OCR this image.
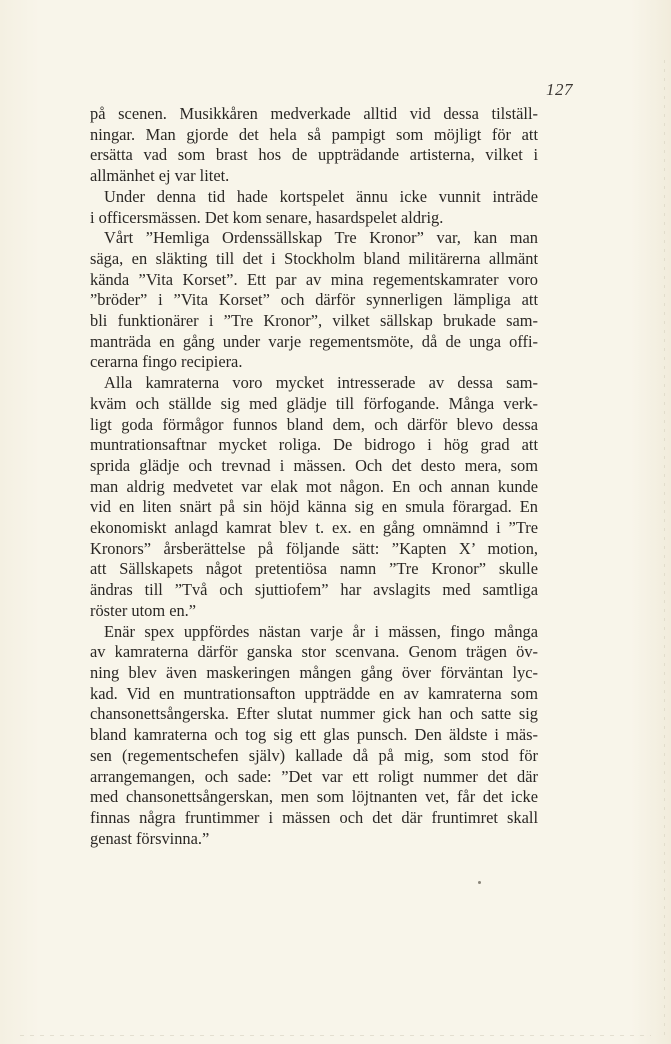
127
på scenen. Musikkåren medverkade alltid vid dessa tilställ-
ningar. Man gjorde det hela så pampigt som möjligt för att
ersätta vad som brast hos de uppträdande artisterna, vilket i
allmänhet ej var litet.
Under denna tid hade kortspelet ännu icke vunnit inträde
i officersmässen. Det kom senare, hasardspelet aldrig.
Vårt ”Hemliga Ordenssällskap Tre Kronor” var, kan man
säga, en släkting till det i Stockholm bland militärerna allmänt
kända ”Vita Korset”. Ett par av mina regementskamrater voro
”bröder” i ”Vita Korset” och därför synnerligen lämpliga att
bli funktionärer i ”Tre Kronor”, vilket sällskap brukade sam-
manträda en gång under varje regementsmöte, då de unga offi-
cerarna fingo recipiera.
Alla kamraterna voro mycket intresserade av dessa sam-
kväm och ställde sig med glädje till förfogande. Många verk-
ligt goda förmågor funnos bland dem, och därför blevo dessa
muntrationsaftnar mycket roliga. De bidrogo i hög grad att
sprida glädje och trevnad i mässen. Och det desto mera, som
man aldrig medvetet var elak mot någon. En och annan kunde
vid en liten snärt på sin höjd känna sig en smula förargad. En
ekonomiskt anlagd kamrat blev t. ex. en gång omnämnd i ”Tre
Kronors” årsberättelse på följande sätt: ”Kapten X’ motion,
att Sällskapets något pretentiösa namn ”Tre Kronor” skulle
ändras till ”Två och sjuttiofem” har avslagits med samtliga
röster utom en.”
Enär spex uppfördes nästan varje år i mässen, fingo många
av kamraterna därför ganska stor scenvana. Genom trägen öv-
ning blev även maskeringen mången gång över förväntan lyc-
kad. Vid en muntrationsafton uppträdde en av kamraterna som
chansonettsångerska. Efter slutat nummer gick han och satte sig
bland kamraterna och tog sig ett glas punsch. Den äldste i mäs-
sen (regementschefen själv) kallade då på mig, som stod för
arrangemangen, och sade: ”Det var ett roligt nummer det där
med chansonettsångerskan, men som löjtnanten vet, får det icke
finnas några fruntimmer i mässen och det där fruntimret skall
genast försvinna.”
